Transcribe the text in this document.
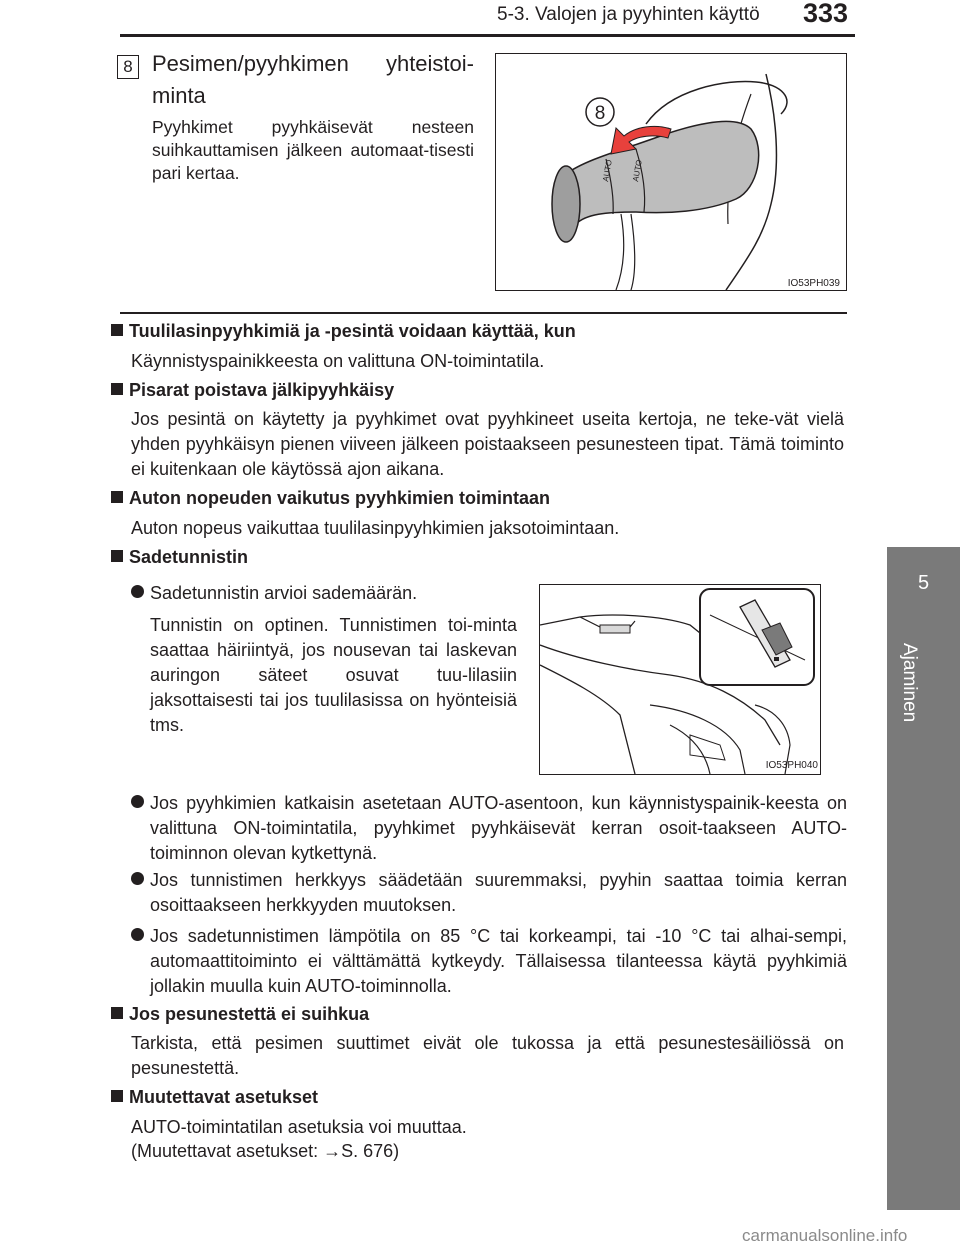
5-3. Valojen ja pyyhinten käyttö 333
5
Ajaminen
8 Pesimen/pyyhkimen yhteistoi-minta
Pyyhkimet pyyhkäisevät nesteen suihkauttamisen jälkeen automaat-tisesti pari kertaa.	AUTO AUTO
8
IO53PH039
Tuulilasinpyyhkimiä ja -pesintä voidaan käyttää, kun
Käynnistyspainikkeesta on valittuna ON-toimintatila.
Pisarat poistava jälkipyyhkäisy
Jos pesintä on käytetty ja pyyhkimet ovat pyyhkineet useita kertoja, ne teke-vät vielä yhden pyyhkäisyn pienen viiveen jälkeen poistaakseen pesunesteen tipat. Tämä toiminto ei kuitenkaan ole käytössä ajon aikana.
Auton nopeuden vaikutus pyyhkimien toimintaan
Auton nopeus vaikuttaa tuulilasinpyyhkimien jaksotoimintaan.
Sadetunnistin
Sadetunnistin arvioi sademäärän.
Tunnistin on optinen. Tunnistimen toi-minta saattaa häiriintyä, jos nousevan tai laskevan auringon säteet osuvat tuu-lilasiin jaksottaisesti tai jos tuulilasissa on hyönteisiä tms.
IO53PH040
Jos pyyhkimien katkaisin asetetaan AUTO-asentoon, kun käynnistyspainik-keesta on valittuna ON-toimintatila, pyyhkimet pyyhkäisevät kerran osoit-taakseen AUTO-toiminnon olevan kytkettynä.
Jos tunnistimen herkkyys säädetään suuremmaksi, pyyhin saattaa toimia kerran osoittaakseen herkkyyden muutoksen.
Jos sadetunnistimen lämpötila on 85 °C tai korkeampi, tai -10 °C tai alhai-sempi, automaattitoiminto ei välttämättä kytkeydy. Tällaisessa tilanteessa käytä pyyhkimiä jollakin muulla kuin AUTO-toiminnolla.
Jos pesunestettä ei suihkua
Tarkista, että pesimen suuttimet eivät ole tukossa ja että pesunestesäiliössä on pesunestettä.
Muutettavat asetukset
AUTO-toimintatilan asetuksia voi muuttaa.
(Muutettavat asetukset: →S. 676)
carmanualsonline.info
